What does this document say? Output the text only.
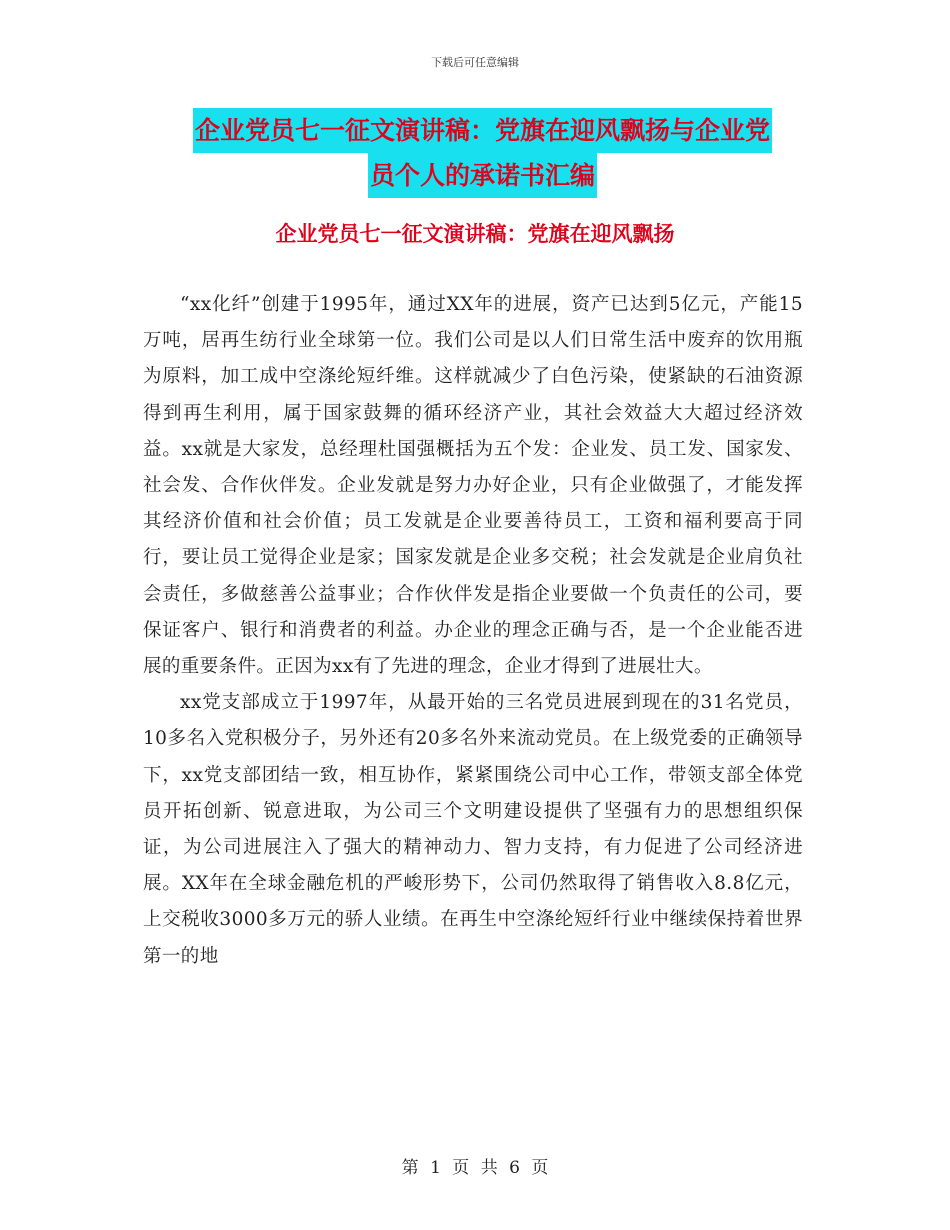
下载后可任意编辑
企业党员七一征文演讲稿：党旗在迎风飘扬与企业党
员个人的承诺书汇编
企业党员七一征文演讲稿：党旗在迎风飘扬

“xx化纤”创建于1995年，通过XX年的进展，资产已达到5亿元，产能15万吨，居再生纺行业全球第一位。我们公司是以人们日常生活中废弃的饮用瓶为原料，加工成中空涤纶短纤维。这样就减少了白色污染，使紧缺的石油资源得到再生利用，属于国家鼓舞的循环经济产业，其社会效益大大超过经济效益。xx就是大家发，总经理杜国强概括为五个发：企业发、员工发、国家发、社会发、合作伙伴发。企业发就是努力办好企业，只有企业做强了，才能发挥其经济价值和社会价值；员工发就是企业要善待员工，工资和福利要高于同行，要让员工觉得企业是家；国家发就是企业多交税；社会发就是企业肩负社会责任，多做慈善公益事业；合作伙伴发是指企业要做一个负责任的公司，要保证客户、银行和消费者的利益。办企业的理念正确与否，是一个企业能否进展的重要条件。正因为xx有了先进的理念，企业才得到了进展壮大。

xx党支部成立于1997年，从最开始的三名党员进展到现在的31名党员，10多名入党积极分子，另外还有20多名外来流动党员。在上级党委的正确领导下，xx党支部团结一致，相互协作，紧紧围绕公司中心工作，带领支部全体党员开拓创新、锐意进取，为公司三个文明建设提供了坚强有力的思想组织保证，为公司进展注入了强大的精神动力、智力支持，有力促进了公司经济进展。XX年在全球金融危机的严峻形势下，公司仍然取得了销售收入8.8亿元，上交税收3000多万元的骄人业绩。在再生中空涤纶短纤行业中继续保持着世界第一的地

第 1 页 共 6 页
